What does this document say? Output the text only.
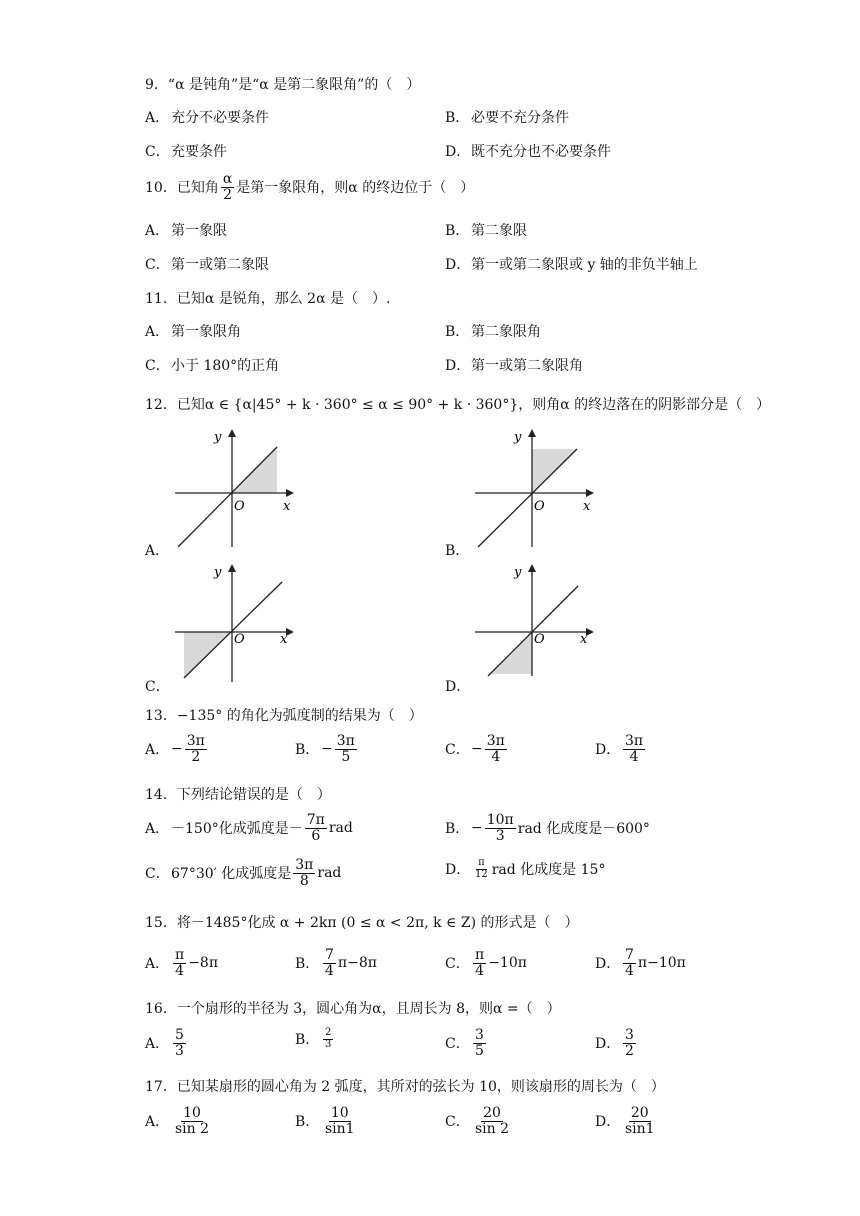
9．“α 是钝角”是“α 是第二象限角”的（　）
A． 充分不必要条件	B． 必要不充分条件
C． 充要条件	D． 既不充分也不必要条件
10．已知角 $\frac{\alpha}{2}$ 是第一象限角，则α 的终边位于（　）
A． 第一象限	B． 第二象限
C． 第一或第二象限	D． 第一或第二象限或 y 轴的非负半轴上
11．已知α 是锐角，那么 2α 是（　）.
A． 第一象限角	B． 第二象限角
C． 小于 180°的正角	D． 第一或第二象限角
12．已知α ∈ {α|45° + k · 360° ≤ α ≤ 90° + k · 360°}，则角α 的终边落在的阴影部分是（　）
A．
y
O	x
B．
y
O	x
C．
y
O	x
D．
y
O	x
13．−135° 的角化为弧度制的结果为（　）
A． − $\frac{3\pi}{2}$	B． − $\frac{3\pi}{5}$	C． − $\frac{3\pi}{4}$	D． $\frac{3\pi}{4}$
14．下列结论错误的是（　）
A． －150°化成弧度是－ $\frac{7\pi}{6}$ rad	B． − $\frac{10\pi}{3}$ rad 化成度是－600°
C． 67°30′ 化成弧度是 $\frac{3\pi}{8}$ rad	D． $\frac{\pi}{12}$ rad 化成度是 15°
15．将－1485°化成 α + 2kπ (0 ≤ α < 2π, k ∈ Z) 的形式是（　）
A． $\frac{\pi}{4} -8\pi$	B． $\frac{7}{4} \pi-8\pi$	C． $\frac{\pi}{4} -10\pi$	D． $\frac{7}{4} \pi-10\pi$
16．一个扇形的半径为 3，圆心角为α，且周长为 8，则α =（　）
A． $\frac{5}{3}$	B． $\frac{2}{3}$	C． $\frac{3}{5}$	D． $\frac{3}{2}$
17．已知某扇形的圆心角为 2 弧度，其所对的弦长为 10，则该扇形的周长为（　）
A． $\frac{10}{\sin 2}$	B． $\frac{10}{\sin 1}$	C． $\frac{20}{\sin 2}$	D． $\frac{20}{\sin 1}$
